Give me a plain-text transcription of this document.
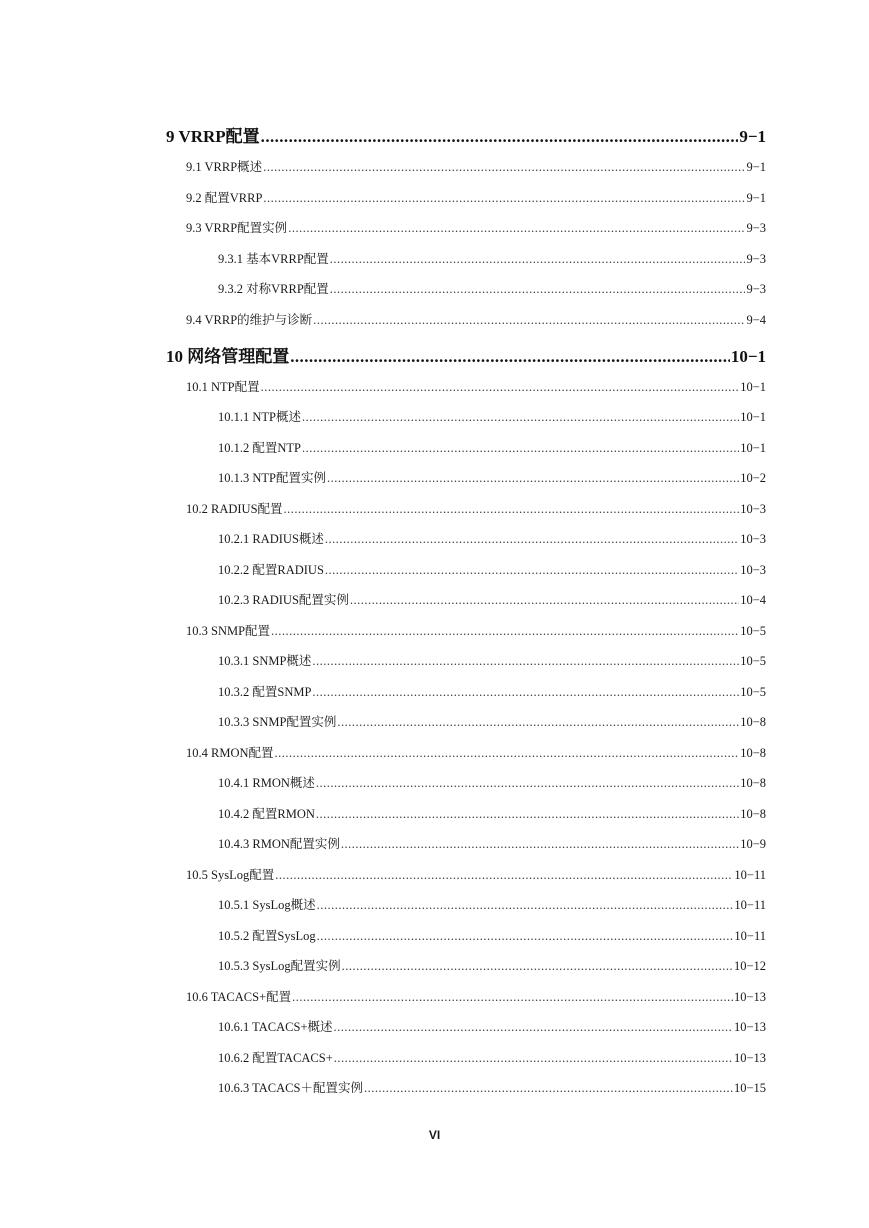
9 VRRP配置 .....	9−1
9.1 VRRP概述 .....	9−1
9.2 配置VRRP .....	9−1
9.3 VRRP配置实例 .....	9−3
9.3.1 基本VRRP配置 .....	9−3
9.3.2 对称VRRP配置 .....	9−3
9.4 VRRP的维护与诊断 .....	9−4
10 网络管理配置 .....	10−1
10.1 NTP配置 .....	10−1
10.1.1 NTP概述 .....	10−1
10.1.2 配置NTP .....	10−1
10.1.3 NTP配置实例 .....	10−2
10.2 RADIUS配置 .....	10−3
10.2.1 RADIUS概述 .....	10−3
10.2.2 配置RADIUS .....	10−3
10.2.3 RADIUS配置实例 .....	10−4
10.3 SNMP配置 .....	10−5
10.3.1 SNMP概述 .....	10−5
10.3.2 配置SNMP .....	10−5
10.3.3 SNMP配置实例 .....	10−8
10.4 RMON配置 .....	10−8
10.4.1 RMON概述 .....	10−8
10.4.2 配置RMON .....	10−8
10.4.3 RMON配置实例 .....	10−9
10.5 SysLog配置 .....	10−11
10.5.1 SysLog概述 .....	10−11
10.5.2 配置SysLog .....	10−11
10.5.3 SysLog配置实例 .....	10−12
10.6 TACACS+配置 .....	10−13
10.6.1 TACACS+概述 .....	10−13
10.6.2 配置TACACS+ .....	10−13
10.6.3 TACACS＋配置实例 .....	10−15
VI
